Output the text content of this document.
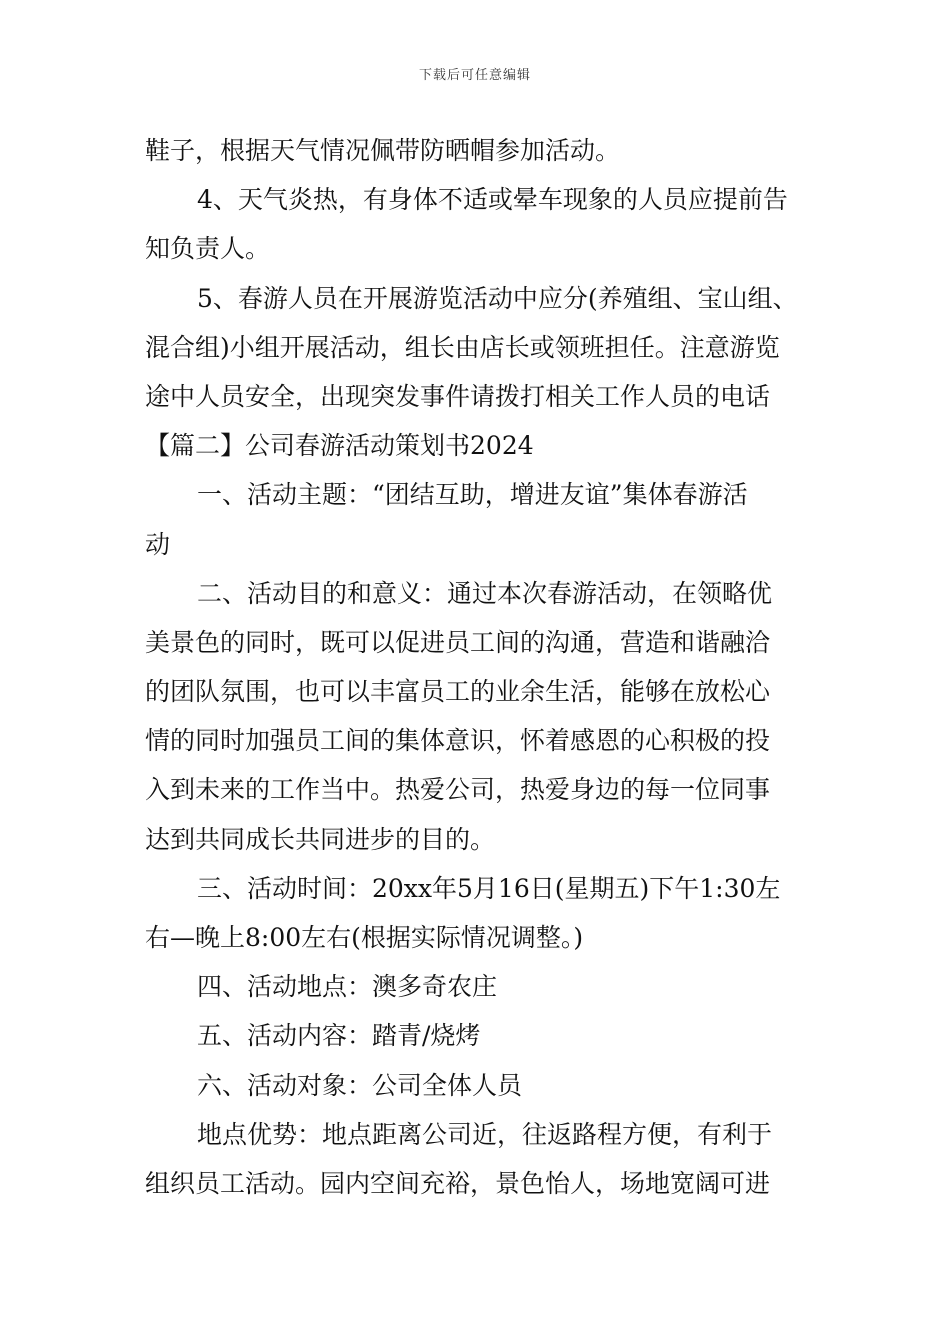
下载后可任意编辑
鞋子，根据天气情况佩带防晒帽参加活动。
4、天气炎热，有身体不适或晕车现象的人员应提前告
知负责人。
5、春游人员在开展游览活动中应分(养殖组、宝山组、
混合组)小组开展活动，组长由店长或领班担任。注意游览
途中人员安全，出现突发事件请拨打相关工作人员的电话
【篇二】公司春游活动策划书2024
一、活动主题：“团结互助，增进友谊”集体春游活
动
二、活动目的和意义：通过本次春游活动，在领略优
美景色的同时，既可以促进员工间的沟通，营造和谐融洽
的团队氛围，也可以丰富员工的业余生活，能够在放松心
情的同时加强员工间的集体意识，怀着感恩的心积极的投
入到未来的工作当中。热爱公司，热爱身边的每一位同事
达到共同成长共同进步的目的。
三、活动时间：20xx年5月16日(星期五)下午1:30左
右—晚上8:00左右(根据实际情况调整。)
四、活动地点：澳多奇农庄
五、活动内容：踏青/烧烤
六、活动对象：公司全体人员
地点优势：地点距离公司近，往返路程方便，有利于
组织员工活动。园内空间充裕，景色怡人，场地宽阔可进
